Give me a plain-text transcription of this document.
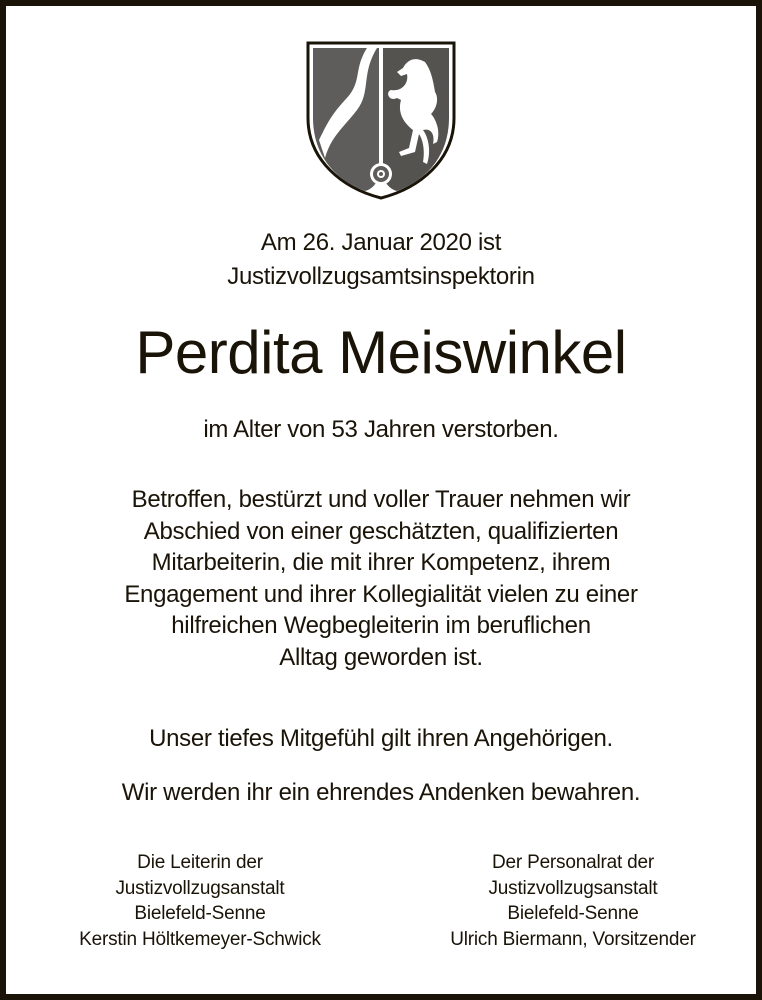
Am 26. Januar 2020 ist
Justizvollzugsamtsinspektorin
Perdita Meiswinkel
im Alter von 53 Jahren verstorben.
Betroffen, bestürzt und voller Trauer nehmen wir
Abschied von einer geschätzten, qualifizierten
Mitarbeiterin, die mit ihrer Kompetenz, ihrem
Engagement und ihrer Kollegialität vielen zu einer
hilfreichen Wegbegleiterin im beruflichen
Alltag geworden ist.
Unser tiefes Mitgefühl gilt ihren Angehörigen.
Wir werden ihr ein ehrendes Andenken bewahren.
Die Leiterin der
Justizvollzugsanstalt
Bielefeld-Senne
Kerstin Höltkemeyer-Schwick
Der Personalrat der
Justizvollzugsanstalt
Bielefeld-Senne
Ulrich Biermann, Vorsitzender
